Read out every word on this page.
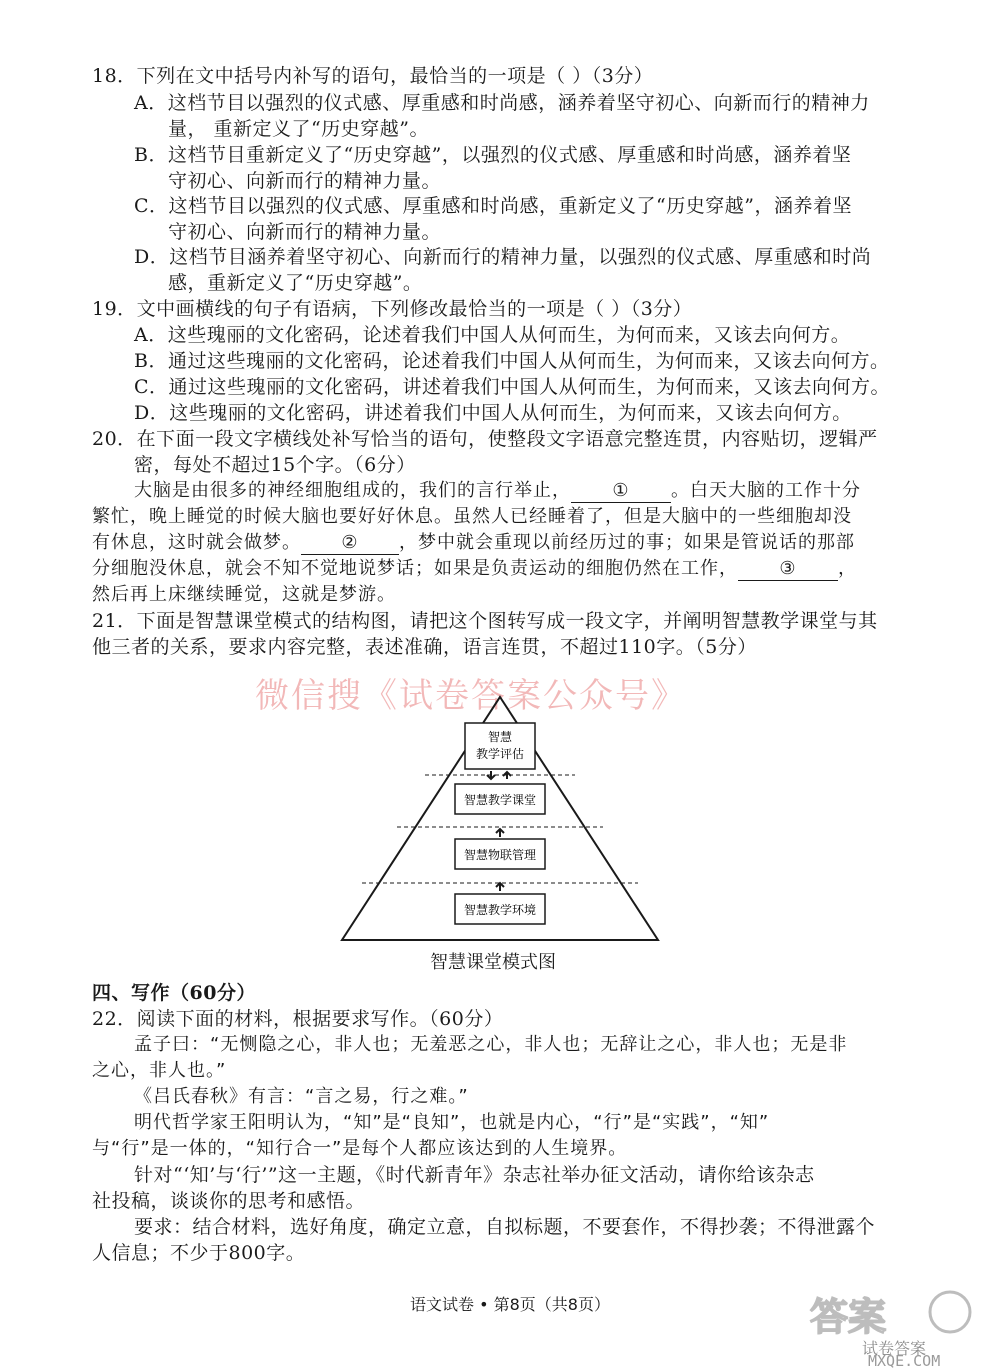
18．下列在文中括号内补写的语句，最恰当的一项是（ ）（3分）
A．这档节目以强烈的仪式感、厚重感和时尚感，涵养着坚守初心、向新而行的精神力
量， 重新定义了“历史穿越”。
B．这档节目重新定义了“历史穿越”，以强烈的仪式感、厚重感和时尚感，涵养着坚
守初心、向新而行的精神力量。
C．这档节目以强烈的仪式感、厚重感和时尚感，重新定义了“历史穿越”，涵养着坚
守初心、向新而行的精神力量。
D．这档节目涵养着坚守初心、向新而行的精神力量，以强烈的仪式感、厚重感和时尚
感，重新定义了“历史穿越”。
19．文中画横线的句子有语病，下列修改最恰当的一项是（ ）（3分）
A．这些瑰丽的文化密码，论述着我们中国人从何而生，为何而来，又该去向何方。
B．通过这些瑰丽的文化密码，论述着我们中国人从何而生，为何而来，又该去向何方。
C．通过这些瑰丽的文化密码，讲述着我们中国人从何而生，为何而来，又该去向何方。
D．这些瑰丽的文化密码，讲述着我们中国人从何而生，为何而来，又该去向何方。
20．在下面一段文字横线处补写恰当的语句，使整段文字语意完整连贯，内容贴切，逻辑严
密，每处不超过15个字。（6分）
大脑是由很多的神经细胞组成的，我们的言行举止， ① 。白天大脑的工作十分
繁忙，晚上睡觉的时候大脑也要好好休息。虽然人已经睡着了，但是大脑中的一些细胞却没
有休息，这时就会做梦。 ② ，梦中就会重现以前经历过的事；如果是管说话的那部
分细胞没休息，就会不知不觉地说梦话；如果是负责运动的细胞仍然在工作， ③ ，
然后再上床继续睡觉，这就是梦游。
21．下面是智慧课堂模式的结构图，请把这个图转写成一段文字，并阐明智慧教学课堂与其
他三者的关系，要求内容完整，表述准确，语言连贯，不超过110字。（5分）
微信搜《试卷答案公众号》
智慧
教学评估
智慧教学课堂
智慧物联管理
智慧教学环境
智慧课堂模式图
四、写作（60分）
22．阅读下面的材料，根据要求写作。（60分）
孟子曰：“无恻隐之心，非人也；无羞恶之心，非人也；无辞让之心，非人也；无是非
之心，非人也。”
《吕氏春秋》有言：“言之易，行之难。”
明代哲学家王阳明认为，“知”是“良知”，也就是内心，“行”是“实践”，“知”
与“行”是一体的，“知行合一”是每个人都应该达到的人生境界。
针对“‘知’与‘行’”这一主题，《时代新青年》杂志社举办征文活动，请你给该杂志
社投稿，谈谈你的思考和感悟。
要求：结合材料，选好角度，确定立意，自拟标题，不要套作，不得抄袭；不得泄露个
人信息；不少于800字。
语文试卷 • 第8页（共8页）	答案
试卷答案
MXQE.COM
